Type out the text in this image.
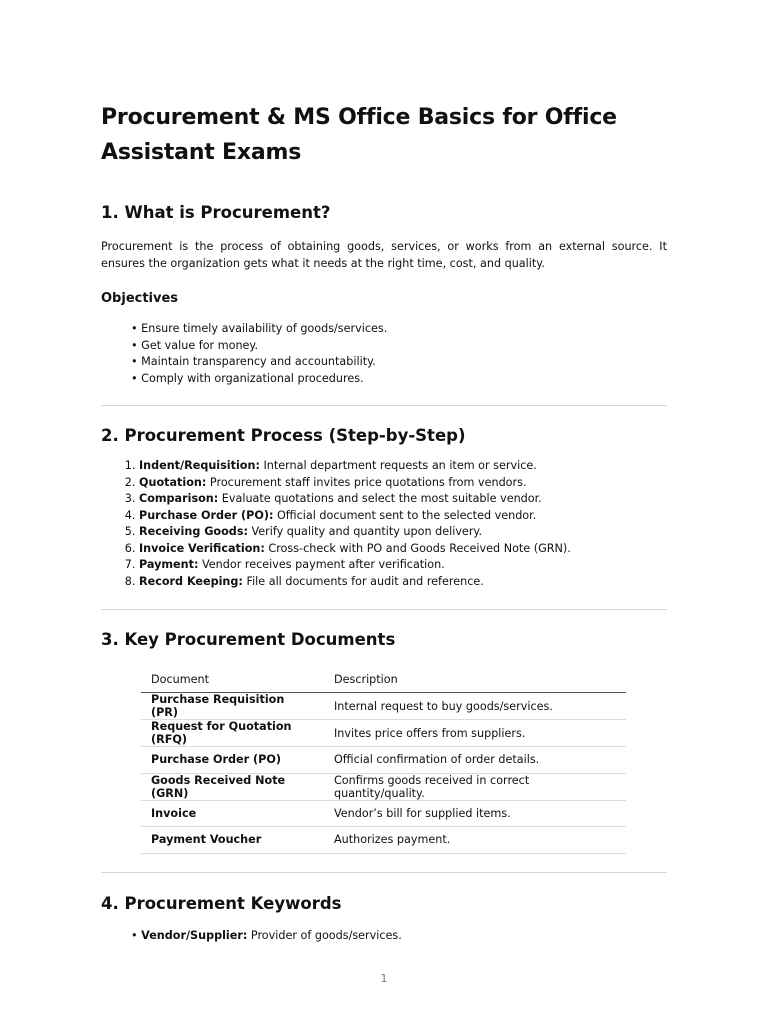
Procurement & MS Office Basics for Office Assistant Exams
1. What is Procurement?

Procurement is the process of obtaining goods, services, or works from an external source. It ensures the organization gets what it needs at the right time, cost, and quality.

Objectives
• Ensure timely availability of goods/services.
• Get value for money.
• Maintain transparency and accountability.
• Comply with organizational procedures.
2. Procurement Process (Step-by-Step)
1. Indent/Requisition: Internal department requests an item or service.
2. Quotation: Procurement staff invites price quotations from vendors.
3. Comparison: Evaluate quotations and select the most suitable vendor.
4. Purchase Order (PO): Official document sent to the selected vendor.
5. Receiving Goods: Verify quality and quantity upon delivery.
6. Invoice Verification: Cross-check with PO and Goods Received Note (GRN).
7. Payment: Vendor receives payment after verification.
8. Record Keeping: File all documents for audit and reference.
3. Key Procurement Documents
Document	Description
Purchase Requisition (PR)	Internal request to buy goods/services.
Request for Quotation (RFQ)	Invites price offers from suppliers.
Purchase Order (PO)	Official confirmation of order details.
Goods Received Note (GRN)	Confirms goods received in correct quantity/quality.
Invoice	Vendor’s bill for supplied items.
Payment Voucher	Authorizes payment.
4. Procurement Keywords
• Vendor/Supplier: Provider of goods/services.
1
